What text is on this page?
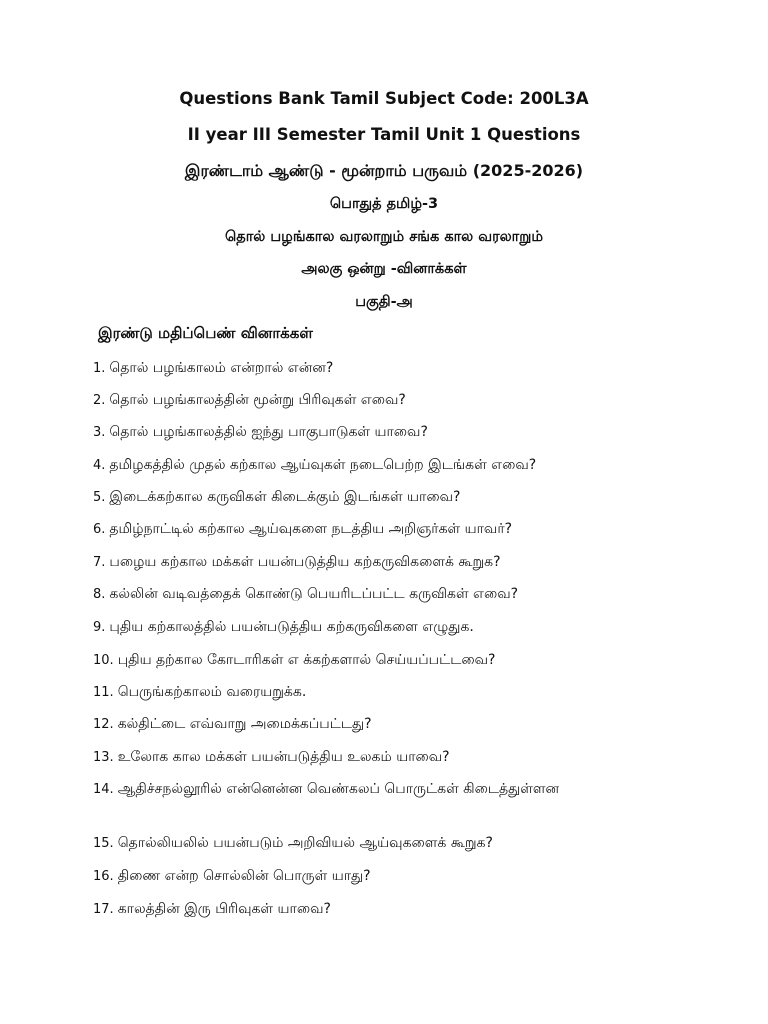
Questions Bank Tamil Subject Code: 200L3A
II year III Semester Tamil Unit 1 Questions
இரண்டாம் ஆண்டு - மூன்றாம் பருவம் (2025-2026)
பொதுத் தமிழ்-3
தொல் பழங்கால வரலாறும் சங்க கால வரலாறும்
அலகு ஒன்று -வினாக்கள்
பகுதி-அ
இரண்டு மதிப்பெண் வினாக்கள்
1. தொல் பழங்காலம் என்றால் என்ன?
2. தொல் பழங்காலத்தின் மூன்று பிரிவுகள் எவை?
3. தொல் பழங்காலத்தில் ஐந்து பாகுபாடுகள் யாவை?
4. தமிழகத்தில் முதல் கற்கால ஆய்வுகள் நடைபெற்ற இடங்கள் எவை?
5. இடைக்கற்கால கருவிகள் கிடைக்கும் இடங்கள் யாவை?
6. தமிழ்நாட்டில் கற்கால ஆய்வுகளை நடத்திய அறிஞர்கள் யாவர்?
7. பழைய கற்கால மக்கள் பயன்படுத்திய கற்கருவிகளைக் கூறுக?
8. கல்லின் வடிவத்தைக் கொண்டு பெயரிடப்பட்ட கருவிகள் எவை?
9. புதிய கற்காலத்தில் பயன்படுத்திய கற்கருவிகளை எழுதுக.
10. புதிய தற்கால கோடாரிகள் எ க்கற்களால் செய்யப்பட்டவை?
11. பெருங்கற்காலம் வரையறுக்க.
12. கல்திட்டை எவ்வாறு அமைக்கப்பட்டது?
13. உலோக கால மக்கள் பயன்படுத்திய உலகம் யாவை?
14. ஆதிச்சநல்லூரில் என்னென்ன வெண்கலப் பொருட்கள் கிடைத்துள்ளன
15. தொல்லியலில் பயன்படும் அறிவியல் ஆய்வுகளைக் கூறுக?
16. திணை என்ற சொல்லின் பொருள் யாது?
17. காலத்தின் இரு பிரிவுகள் யாவை?
